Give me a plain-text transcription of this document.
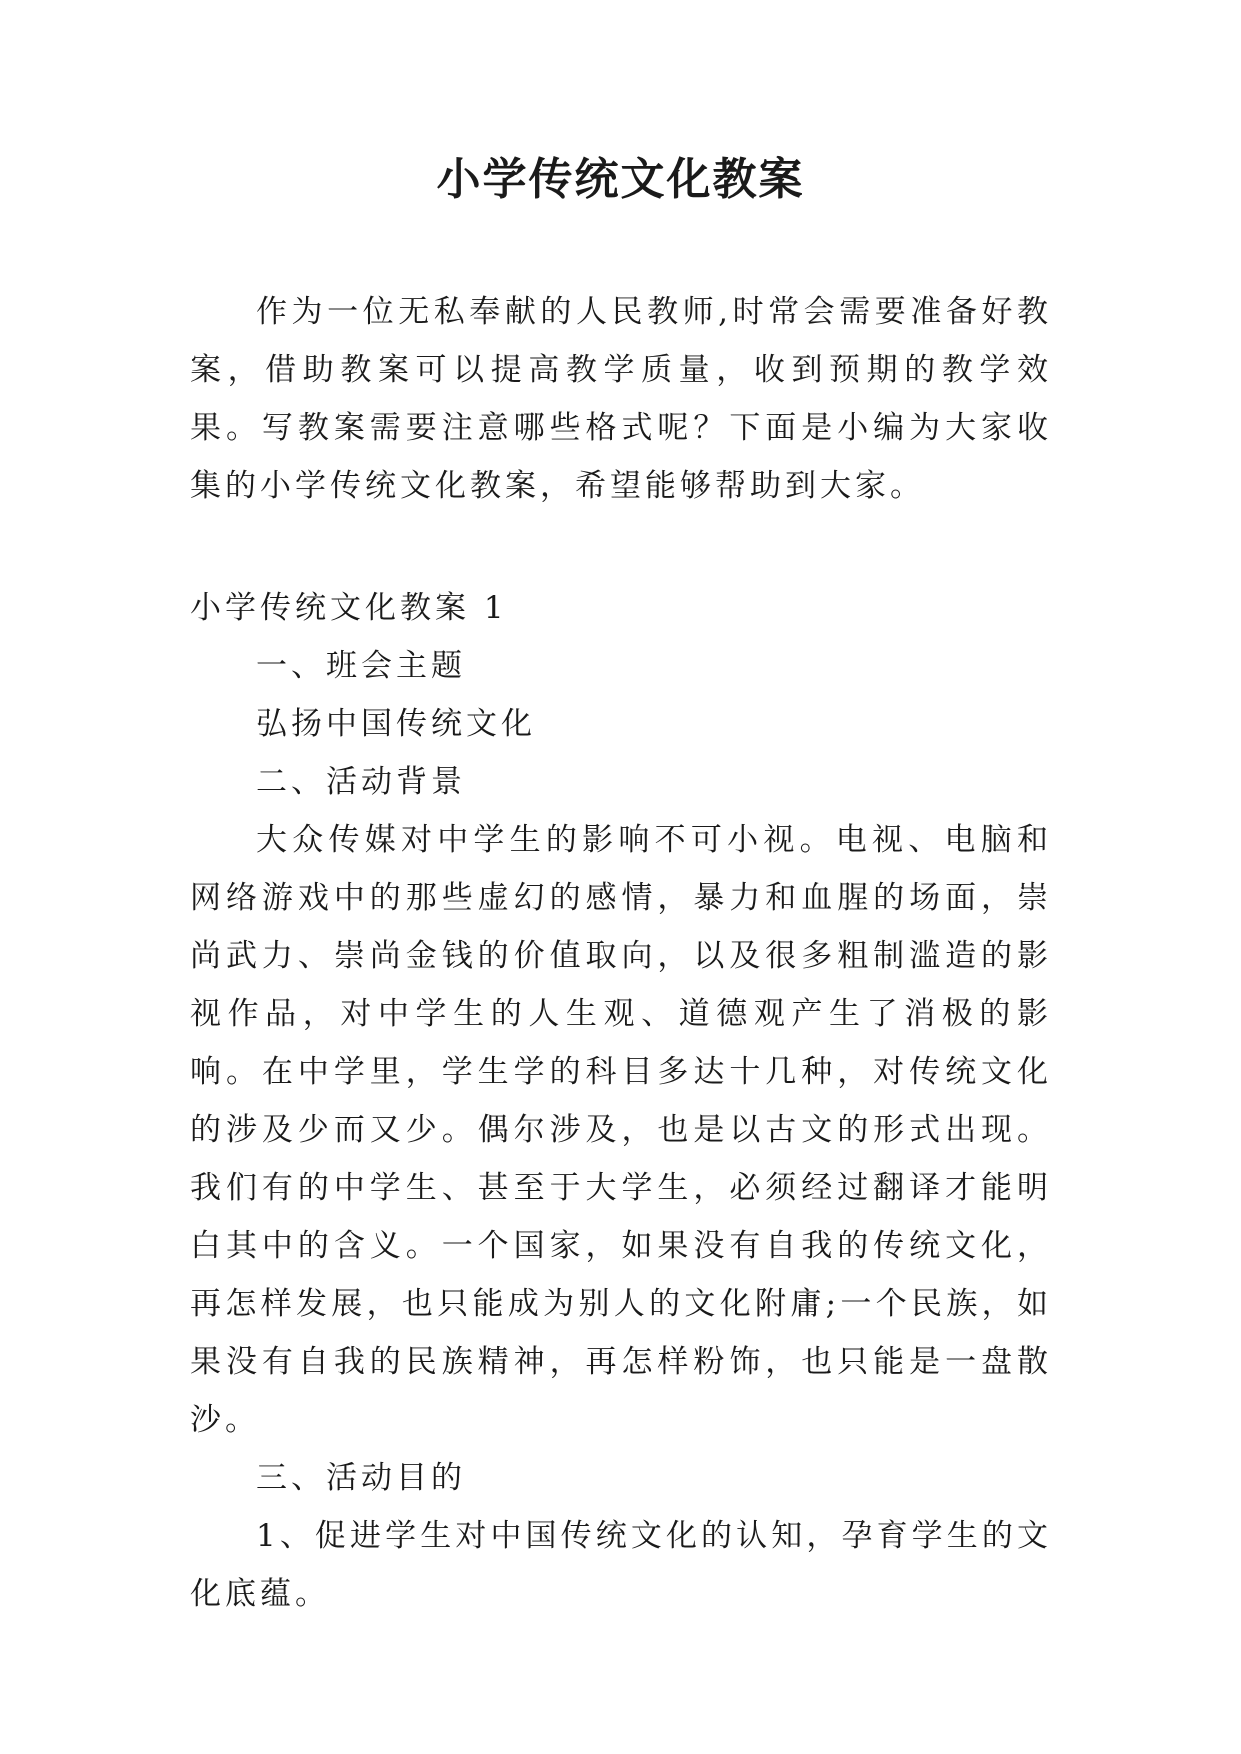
小学传统文化教案

作为一位无私奉献的人民教师,时常会需要准备好教案，借助教案可以提高教学质量，收到预期的教学效果。写教案需要注意哪些格式呢？下面是小编为大家收集的小学传统文化教案，希望能够帮助到大家。

小学传统文化教案 1

一、班会主题

弘扬中国传统文化

二、活动背景

大众传媒对中学生的影响不可小视。电视、电脑和网络游戏中的那些虚幻的感情，暴力和血腥的场面，崇尚武力、崇尚金钱的价值取向，以及很多粗制滥造的影视作品，对中学生的人生观、道德观产生了消极的影响。在中学里，学生学的科目多达十几种，对传统文化的涉及少而又少。偶尔涉及，也是以古文的形式出现。我们有的中学生、甚至于大学生，必须经过翻译才能明白其中的含义。一个国家，如果没有自我的传统文化，再怎样发展，也只能成为别人的文化附庸;一个民族，如果没有自我的民族精神，再怎样粉饰，也只能是一盘散沙。

三、活动目的

1、促进学生对中国传统文化的认知，孕育学生的文化底蕴。
